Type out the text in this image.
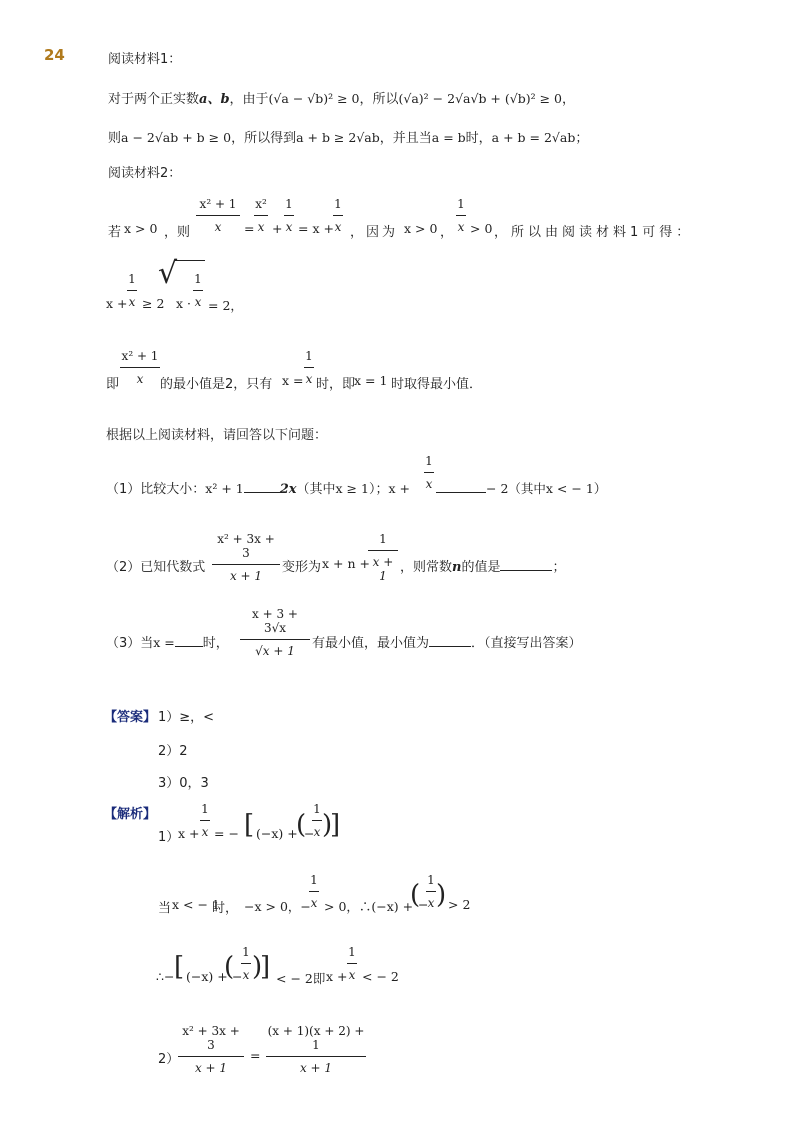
24	阅读材料1：
对于两个正实数a、b，由于(√a − √b)² ≥ 0，所以(√a)² − 2√a√b + (√b)² ≥ 0，
则a − 2√ab + b ≥ 0，所以得到a + b ≥ 2√ab，并且当a = b时，a + b = 2√ab；
阅读材料2：
若 x > 0 ，则
x² + 1
x	=
x²
x +
1
x = x +
1
x ，因为 x > 0 ，
1
x > 0 ，所以由阅读材料1可得：
x +
1
x ≥ 2
√
x ·
1
x = 2，
即
x² + 1
x	的最小值是2，只有 x =
1
x 时，即
x = 1 时取得最小值．
根据以上阅读材料，请回答以下问题：
（1）比较大小：x² + 1	2x（其中x ≥ 1）；x +
1
x	− 2（其中x < − 1）
（2）已知代数式
x² + 3x + 3
x + 1
变形为 x + n +
1
x + 1
，则常数n的值是	；
（3）当x = 时，
x + 3 + 3√x
√x + 1	有最小值，最小值为	．（直接写出答案）
【答案】 1）≥，<
2）2
3）0，3
【解析】
1）
x +
1
x = − [ (−x) +
(
−
1
x )
]
当 x < − 1
时， −x > 0，−
1
x > 0，∴(−x) +
(
−
1
x ) > 2
∴− [ (−x) +
(
−
1
x )
] < − 2即 x +
1
x < − 2
2）
x² + 3x + 3
x + 1
=
(x + 1)(x + 2) + 1
x + 1
